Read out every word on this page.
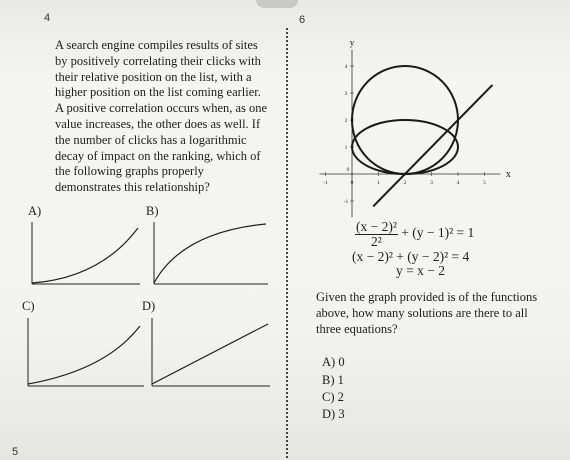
4	6
5

A search engine compiles results of sites by positively correlating their clicks with their relative position on the list, with a higher position on the list coming earlier. A positive correlation occurs when, as one value increases, the other does as well. If the number of clicks has a logarithmic decay of impact on the ranking, which of the following graphs properly demonstrates this relationship?

A)	B)
C)	D)
y
x
-1	0	1	2	3	4	5
4
3
2
1
-1
0
$\frac{\text{(x − 2)²}}{\text{2²}} + (y - 1)^2 = 1$
(x − 2)² + (y − 2)² = 4
y = x − 2

Given the graph provided is of the functions above, how many solutions are there to all three equations?

A) 0
B) 1
C) 2
D) 3
